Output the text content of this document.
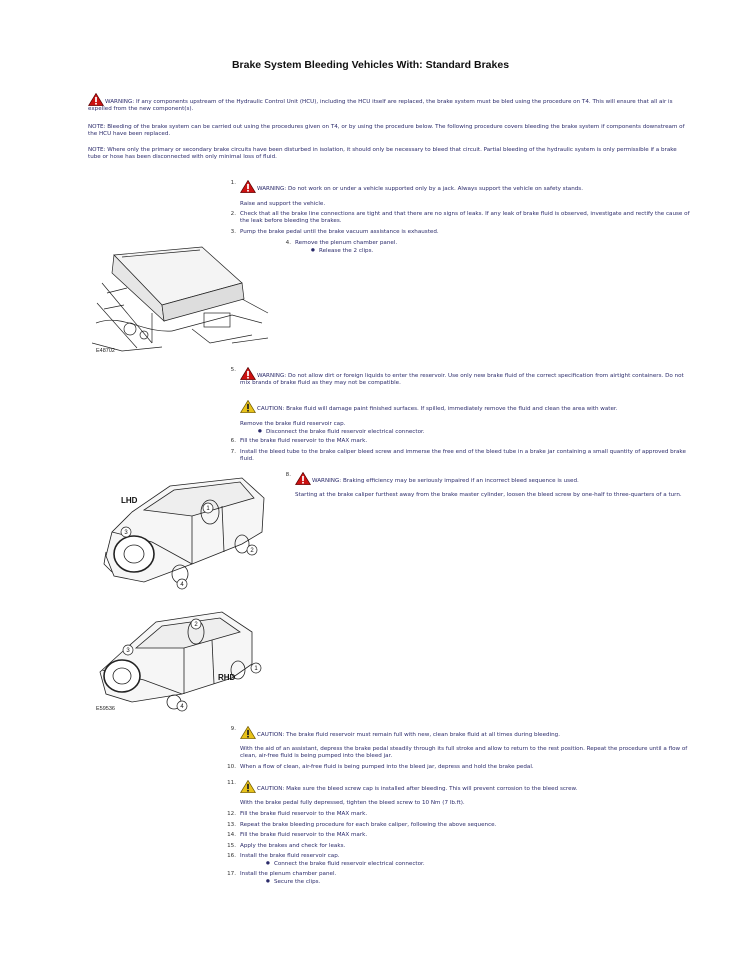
Brake System Bleeding Vehicles With: Standard Brakes
WARNING: If any components upstream of the Hydraulic Control Unit (HCU), including the HCU itself are replaced, the brake system must be bled using the procedure on T4. This will ensure that all air is expelled from the new component(s).
NOTE: Bleeding of the brake system can be carried out using the procedures given on T4, or by using the procedure below. The following procedure covers bleeding the brake system if components downstream of the HCU have been replaced.
NOTE: Where only the primary or secondary brake circuits have been disturbed in isolation, it should only be necessary to bleed that circuit. Partial bleeding of the hydraulic system is only permissible if a brake tube or hose has been disconnected with only minimal loss of fluid.
1.
WARNING: Do not work on or under a vehicle supported only by a jack. Always support the vehicle on safety stands.
Raise and support the vehicle.
2. Check that all the brake line connections are tight and that there are no signs of leaks. If any leak of brake fluid is observed, investigate and rectify the cause of the leak before bleeding the brakes.
3. Pump the brake pedal until the brake vacuum assistance is exhausted.
4. Remove the plenum chamber panel.
● Release the 2 clips.
E48702
5.
WARNING: Do not allow dirt or foreign liquids to enter the reservoir. Use only new brake fluid of the correct specification from airtight containers. Do not mix brands of brake fluid as they may not be compatible.
CAUTION: Brake fluid will damage paint finished surfaces. If spilled, immediately remove the fluid and clean the area with water.
Remove the brake fluid reservoir cap.
● Disconnect the brake fluid reservoir electrical connector.
6. Fill the brake fluid reservoir to the MAX mark.
7. Install the bleed tube to the brake caliper bleed screw and immerse the free end of the bleed tube in a brake jar containing a small quantity of approved brake fluid.
8.
WARNING: Braking efficiency may be seriously impaired if an incorrect bleed sequence is used.
Starting at the brake caliper furthest away from the brake master cylinder, loosen the bleed screw by one-half to three-quarters of a turn.
1
2
3
4
1
2
3
4
LHD
RHD
E59536
9.
CAUTION: The brake fluid reservoir must remain full with new, clean brake fluid at all times during bleeding.
With the aid of an assistant, depress the brake pedal steadily through its full stroke and allow to return to the rest position. Repeat the procedure until a flow of clean, air-free fluid is being pumped into the bleed jar.
10. When a flow of clean, air-free fluid is being pumped into the bleed jar, depress and hold the brake pedal.
11.
CAUTION: Make sure the bleed screw cap is installed after bleeding. This will prevent corrosion to the bleed screw.
With the brake pedal fully depressed, tighten the bleed screw to 10 Nm (7 lb.ft).
12. Fill the brake fluid reservoir to the MAX mark.
13. Repeat the brake bleeding procedure for each brake caliper, following the above sequence.
14. Fill the brake fluid reservoir to the MAX mark.
15. Apply the brakes and check for leaks.
16. Install the brake fluid reservoir cap.
● Connect the brake fluid reservoir electrical connector.
17. Install the plenum chamber panel.
● Secure the clips.
